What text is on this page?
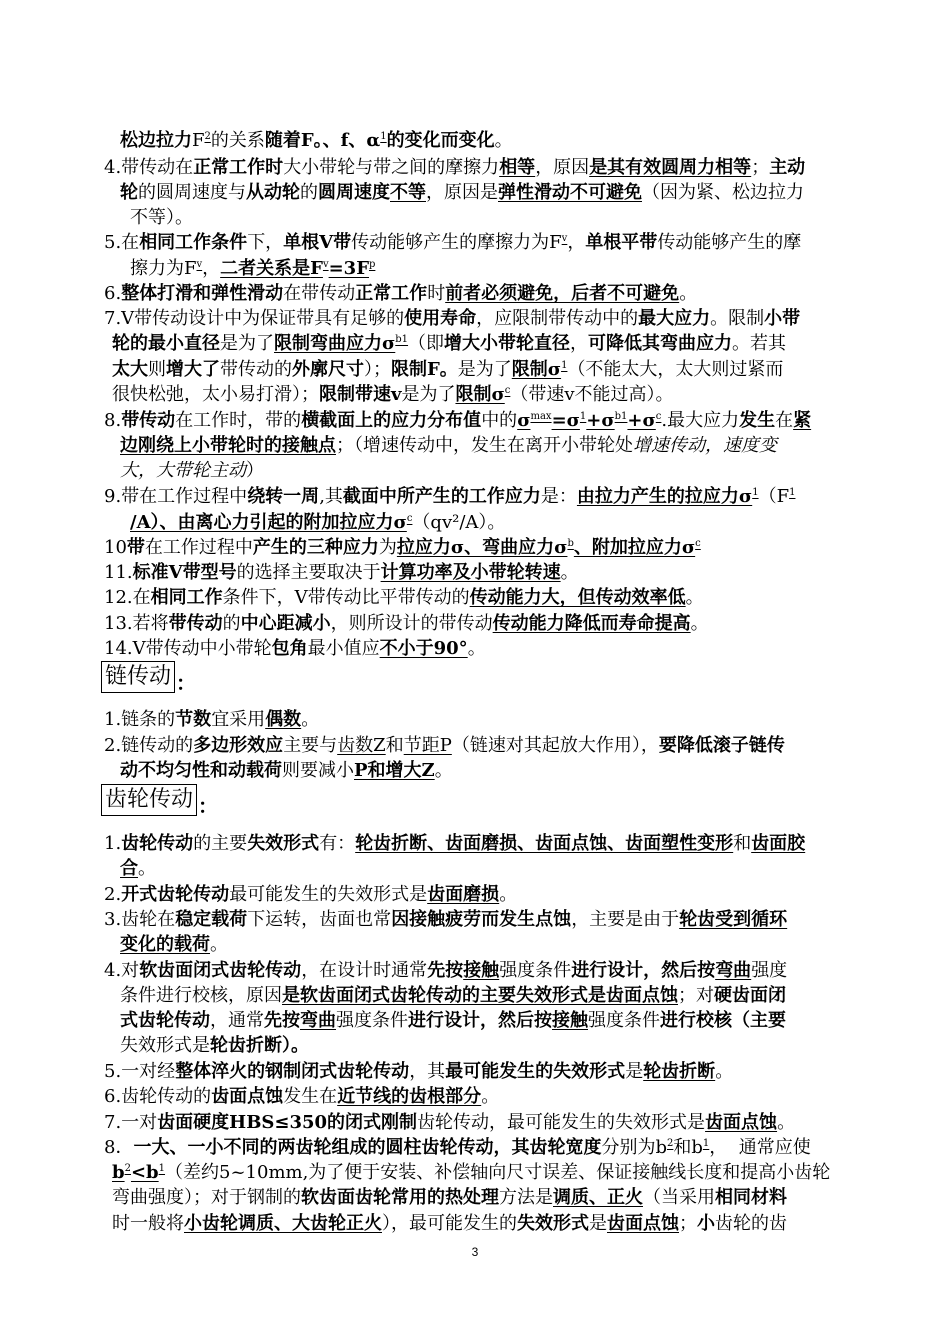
松边拉力$F^2$的关系随着F。、f、$\alpha^1$的变化而变化。
4.带传动在正常工作时大小带轮与带之间的摩擦力相等，原因是其有效圆周力相等；主动
轮的圆周速度与从动轮的圆周速度不等，原因是弹性滑动不可避免（因为紧、松边拉力
不等）。
5.在相同工作条件下，单根V带传动能够产生的摩擦力为$F^v$，单根平带传动能够产生的摩
擦力为$F^v$，二者关系是$F^v=3F^p$
6.整体打滑和弹性滑动在带传动正常工作时前者必须避免，后者不可避免。
7.V带传动设计中为保证带具有足够的使用寿命，应限制带传动中的最大应力。限制小带
轮的最小直径是为了限制弯曲应力$\sigma^{b1}$（即增大小带轮直径，可降低其弯曲应力。若其
太大则增大了带传动的外廓尺寸）；限制F。是为了限制$\sigma^1$（不能太大，太大则过紧而
很快松弛，太小易打滑）；限制带速v是为了限制$\sigma^c$（带速v不能过高）。
8.带传动在工作时，带的横截面上的应力分布值中的$\sigma^{max}=\sigma^1+\sigma^{b1}+\sigma^c$.最大应力发生在紧
边刚绕上小带轮时的接触点；（增速传动中，发生在离开小带轮处增速传动，速度变
大，大带轮主动）
9.带在工作过程中绕转一周,其截面中所产生的工作应力是：由拉力产生的拉应力$\sigma^1(F^1$
/A）、由离心力引起的附加拉应力$\sigma^c(qv^2/A)$。
10带在工作过程中产生的三种应力为拉应力σ、弯曲应力$\sigma^b$、附加拉应力$\sigma^c$
11.标准V带型号的选择主要取决于计算功率及小带轮转速。
12.在相同工作条件下，V带传动比平带传动的传动能力大，但传动效率低。
13.若将带传动的中心距减小，则所设计的带传动传动能力降低而寿命提高。
14.V带传动中小带轮包角最小值应不小于90°。
链传动 ：
1.链条的节数宜采用偶数。
2.链传动的多边形效应主要与齿数Z和节距P（链速对其起放大作用），要降低滚子链传
动不均匀性和动载荷则要减小P和增大Z。
齿轮传动 ：
1.齿轮传动的主要失效形式有：轮齿折断、齿面磨损、齿面点蚀、齿面塑性变形和齿面胶
合。
2.开式齿轮传动最可能发生的失效形式是齿面磨损。
3.齿轮在稳定载荷下运转，齿面也常因接触疲劳而发生点蚀，主要是由于轮齿受到循环
变化的载荷。
4.对软齿面闭式齿轮传动，在设计时通常先按接触强度条件进行设计，然后按弯曲强度
条件进行校核，原因是软齿面闭式齿轮传动的主要失效形式是齿面点蚀；对硬齿面闭
式齿轮传动，通常先按弯曲强度条件进行设计，然后按接触强度条件进行校核（主要
失效形式是轮齿折断）。
5.一对经整体淬火的钢制闭式齿轮传动，其最可能发生的失效形式是轮齿折断。
6.齿轮传动的齿面点蚀发生在近节线的齿根部分。
7.一对齿面硬度HBS≤350的闭式刚制齿轮传动，最可能发生的失效形式是齿面点蚀。
8．一大、一小不同的两齿轮组成的圆柱齿轮传动，其齿轮宽度分别为$b^2$和$b^1$，  通常应使
$b^2<b^1$（差约5~10mm,为了便于安装、补偿轴向尺寸误差、保证接触线长度和提高小齿轮
弯曲强度）；对于钢制的软齿面齿轮常用的热处理方法是调质、正火（当采用相同材料
时一般将小齿轮调质、大齿轮正火），最可能发生的失效形式是齿面点蚀；小齿轮的齿
3
